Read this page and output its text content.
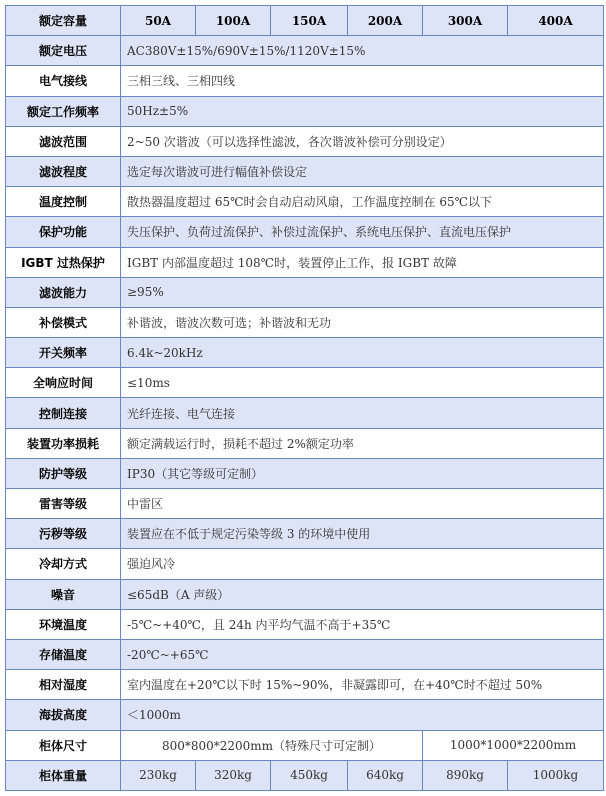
额定容量	50A	100A	150A	200A	300A	400A
额定电压	AC380V±15%/690V±15%/1120V±15%					
电气接线	三相三线、三相四线					
额定工作频率	50Hz±5%					
滤波范围	2~50 次谐波（可以选择性滤波，各次谐波补偿可分别设定）					
滤波程度	选定每次谐波可进行幅值补偿设定					
温度控制	散热器温度超过 65℃时会自动启动风扇，工作温度控制在 65℃以下					
保护功能	失压保护、负荷过流保护、补偿过流保护、系统电压保护、直流电压保护					
IGBT 过热保护	IGBT 内部温度超过 108℃时，装置停止工作，报 IGBT 故障					
滤波能力	≥95%					
补偿模式	补谐波，谐波次数可选；补谐波和无功					
开关频率	6.4k~20kHz					
全响应时间	≤10ms					
控制连接	光纤连接、电气连接					
装置功率损耗	额定满载运行时，损耗不超过 2%额定功率					
防护等级	IP30（其它等级可定制）					
雷害等级	中雷区					
污秽等级	装置应在不低于规定污染等级 3 的环境中使用					
冷却方式	强迫风冷					
噪音	≤65dB（A 声级）					
环境温度	-5℃~+40℃，且 24h 内平均气温不高于+35℃					
存储温度	-20℃~+65℃					
相对湿度	室内温度在+20℃以下时 15%~90%，非凝露即可，在+40℃时不超过 50%					
海拔高度	＜1000m					
柜体尺寸	800*800*2200mm（特殊尺寸可定制）				1000*1000*2200mm	
柜体重量	230kg	320kg	450kg	640kg	890kg	1000kg
